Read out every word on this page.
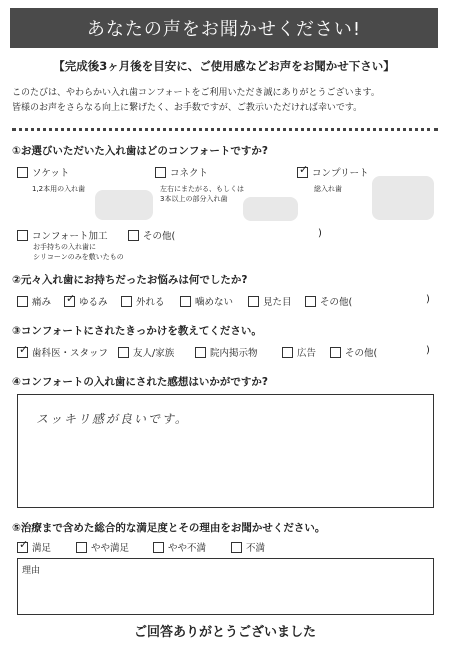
あなたの声をお聞かせください!
【完成後3ヶ月後を目安に、ご使用感などお声をお聞かせ下さい】
このたびは、やわらかい入れ歯コンフォートをご利用いただき誠にありがとうございます。
皆様のお声をさらなる向上に繋げたく、お手数ですが、ご教示いただければ幸いです。
①お選びいただいた入れ歯はどのコンフォートですか?
ソケット
1,2本用の入れ歯
コネクト
左右にまたがる、もしくは
3本以上の部分入れ歯
✓ コンプリート
総入れ歯
コンフォート加工
お手持ちの入れ歯に
シリコーンのみを敷いたもの
その他(	)
②元々入れ歯にお持ちだったお悩みは何でしたか?
痛み ✓ ゆるみ	外れる	噛めない	見た目	その他(	)
③コンフォートにされたきっかけを教えてください。
✓ 歯科医・スタッフ	友人/家族	院内掲示物	広告	その他(	)
④コンフォートの入れ歯にされた感想はいかがですか?
スッキリ感が良いです。
⑤治療まで含めた総合的な満足度とその理由をお聞かせください。
✓ 満足	やや満足	やや不満	不満
理由
ご回答ありがとうございました
